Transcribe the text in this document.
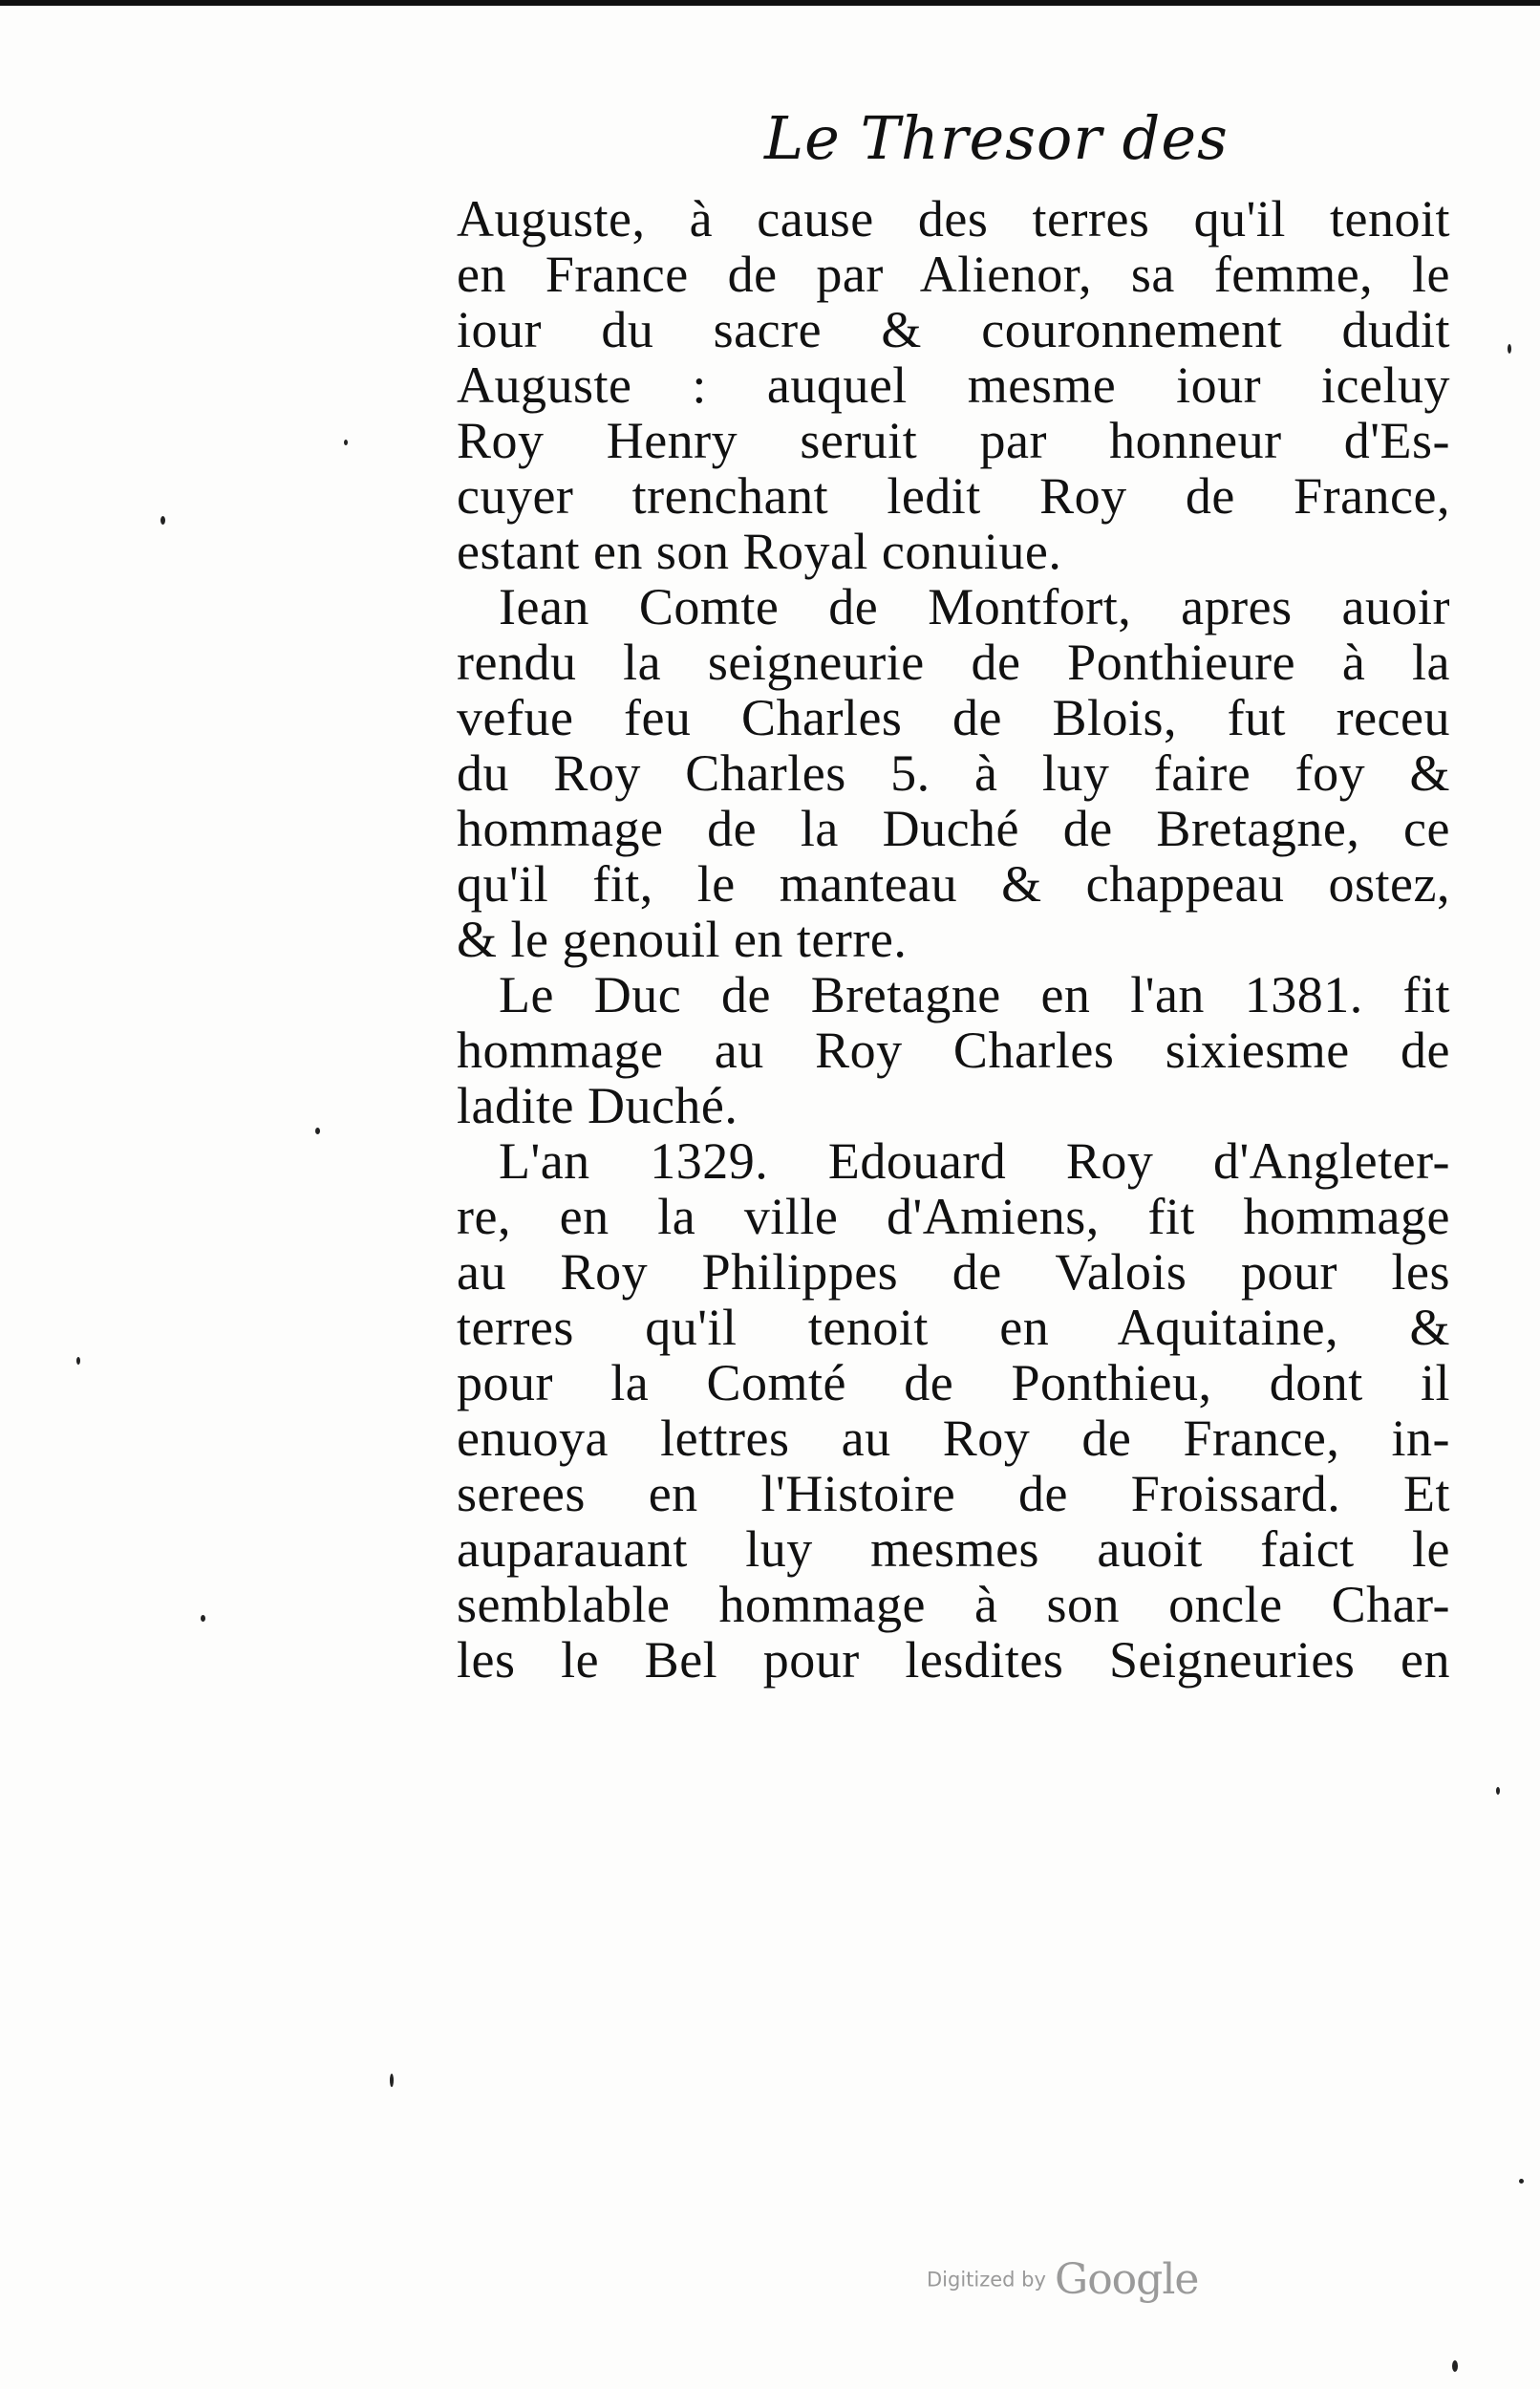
Le Thresor des
Auguste, à cause des terres qu'il tenoit
en France de par Alienor, sa femme, le
iour du sacre & couronnement dudit
Auguste : auquel mesme iour iceluy
Roy Henry seruit par honneur d'Es-
cuyer trenchant ledit Roy de France,
estant en son Royal conuiue.
Iean Comte de Montfort, apres auoir
rendu la seigneurie de Ponthieure à la
vefue feu Charles de Blois, fut receu
du Roy Charles 5. à luy faire foy &
hommage de la Duché de Bretagne, ce
qu'il fit, le manteau & chappeau ostez,
& le genouil en terre.
Le Duc de Bretagne en l'an 1381. fit
hommage au Roy Charles sixiesme de
ladite Duché.
L'an 1329. Edouard Roy d'Angleter-
re, en la ville d'Amiens, fit hommage
au Roy Philippes de Valois pour les
terres qu'il tenoit en Aquitaine, &
pour la Comté de Ponthieu, dont il
enuoya lettres au Roy de France, in-
serees en l'Histoire de Froissard. Et
auparauant luy mesmes auoit faict le
semblable hommage à son oncle Char-
les le Bel pour lesdites Seigneuries en
Digitized by Google
